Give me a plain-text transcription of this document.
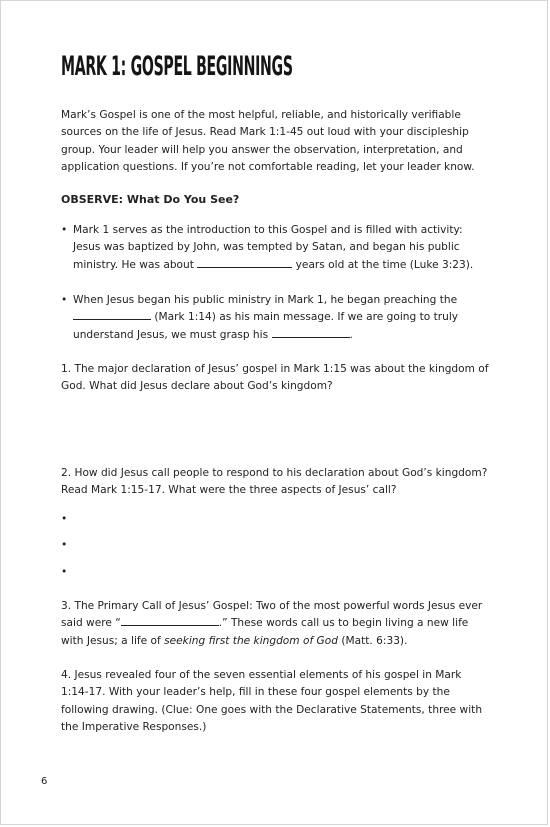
MARK 1: GOSPEL BEGINNINGS

Mark’s Gospel is one of the most helpful, reliable, and historically verifiable sources on the life of Jesus. Read Mark 1:1-45 out loud with your discipleship group. Your leader will help you answer the observation, interpretation, and application questions. If you’re not comfortable reading, let your leader know.

OBSERVE: What Do You See?

• Mark 1 serves as the introduction to this Gospel and is filled with activity:
Jesus was baptized by John, was tempted by Satan, and began his public
ministry. He was about	years old at the time (Luke 3:23).

• When Jesus began his public ministry in Mark 1, he began preaching the
(Mark 1:14) as his main message. If we are going to truly
understand Jesus, we must grasp his	.

1. The major declaration of Jesus’ gospel in Mark 1:15 was about the kingdom of God. What did Jesus declare about God’s kingdom?

2. How did Jesus call people to respond to his declaration about God’s kingdom? Read Mark 1:15-17. What were the three aspects of Jesus’ call?

•
•
•

3. The Primary Call of Jesus’ Gospel: Two of the most powerful words Jesus ever
said were “	.” These words call us to begin living a new life
with Jesus; a life of seeking first the kingdom of God (Matt. 6:33).

4. Jesus revealed four of the seven essential elements of his gospel in Mark 1:14-17. With your leader’s help, fill in these four gospel elements by the following drawing. (Clue: One goes with the Declarative Statements, three with the Imperative Responses.)

6
